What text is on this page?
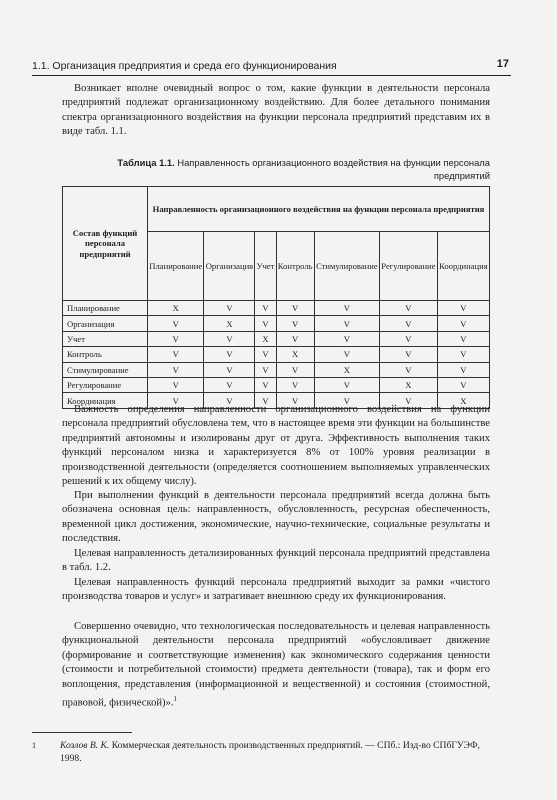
1.1. Организация предприятия и среда его функционирования	17

Возникает вполне очевидный вопрос о том, какие функции в деятельности персонала предприятий подлежат организационному воздействию. Для более детального понимания спектра организационного воздействия на функции персонала предприятий представим их в виде табл. 1.1.

Таблица 1.1. Направленность организационного воздействия на функции персонала предприятий
Состав функций персонала предприятий	Направленность организационного воздействия на функции персонала предприятия						
	Планирование	Организация	Учет	Контроль	Стимулирование	Регулирование	Координация
Планирование	X	V	V	V	V	V	V
Организация	V	X	V	V	V	V	V
Учет	V	V	X	V	V	V	V
Контроль	V	V	V	X	V	V	V
Стимулирование	V	V	V	V	X	V	V
Регулирование	V	V	V	V	V	X	V
Координация	V	V	V	V	V	V	X

Важность определения направленности организационного воздействия на функции персонала предприятий обусловлена тем, что в настоящее время эти функции на большинстве предприятий автономны и изолированы друг от друга. Эффективность выполнения таких функций персоналом низка и характеризуется 8% от 100% уровня реализации в производственной деятельности (определяется соотношением выполняемых управленческих решений к их общему числу).

При выполнении функций в деятельности персонала предприятий всегда должна быть обозначена основная цель: направленность, обусловленность, ресурсная обеспеченность, временной цикл достижения, экономические, научно-технические, социальные результаты и последствия.

Целевая направленность детализированных функций персонала предприятий представлена в табл. 1.2.

Целевая направленность функций персонала предприятий выходит за рамки «чистого производства товаров и услуг» и затрагивает внешнюю среду их функционирования.

Совершенно очевидно, что технологическая последовательность и целевая направленность функциональной деятельности персонала предприятий «обусловливает движение (формирование и соответствующие изменения) как экономического содержания ценности (стоимости и потребительной стоимости) предмета деятельности (товара), так и форм его воплощения, представления (информационной и вещественной) и состояния (стоимостной, правовой, физической)».$^1$

1	Козлов В. К. Коммерческая деятельность производственных предприятий. — СПб.: Изд-во СПбГУЭФ, 1998.
